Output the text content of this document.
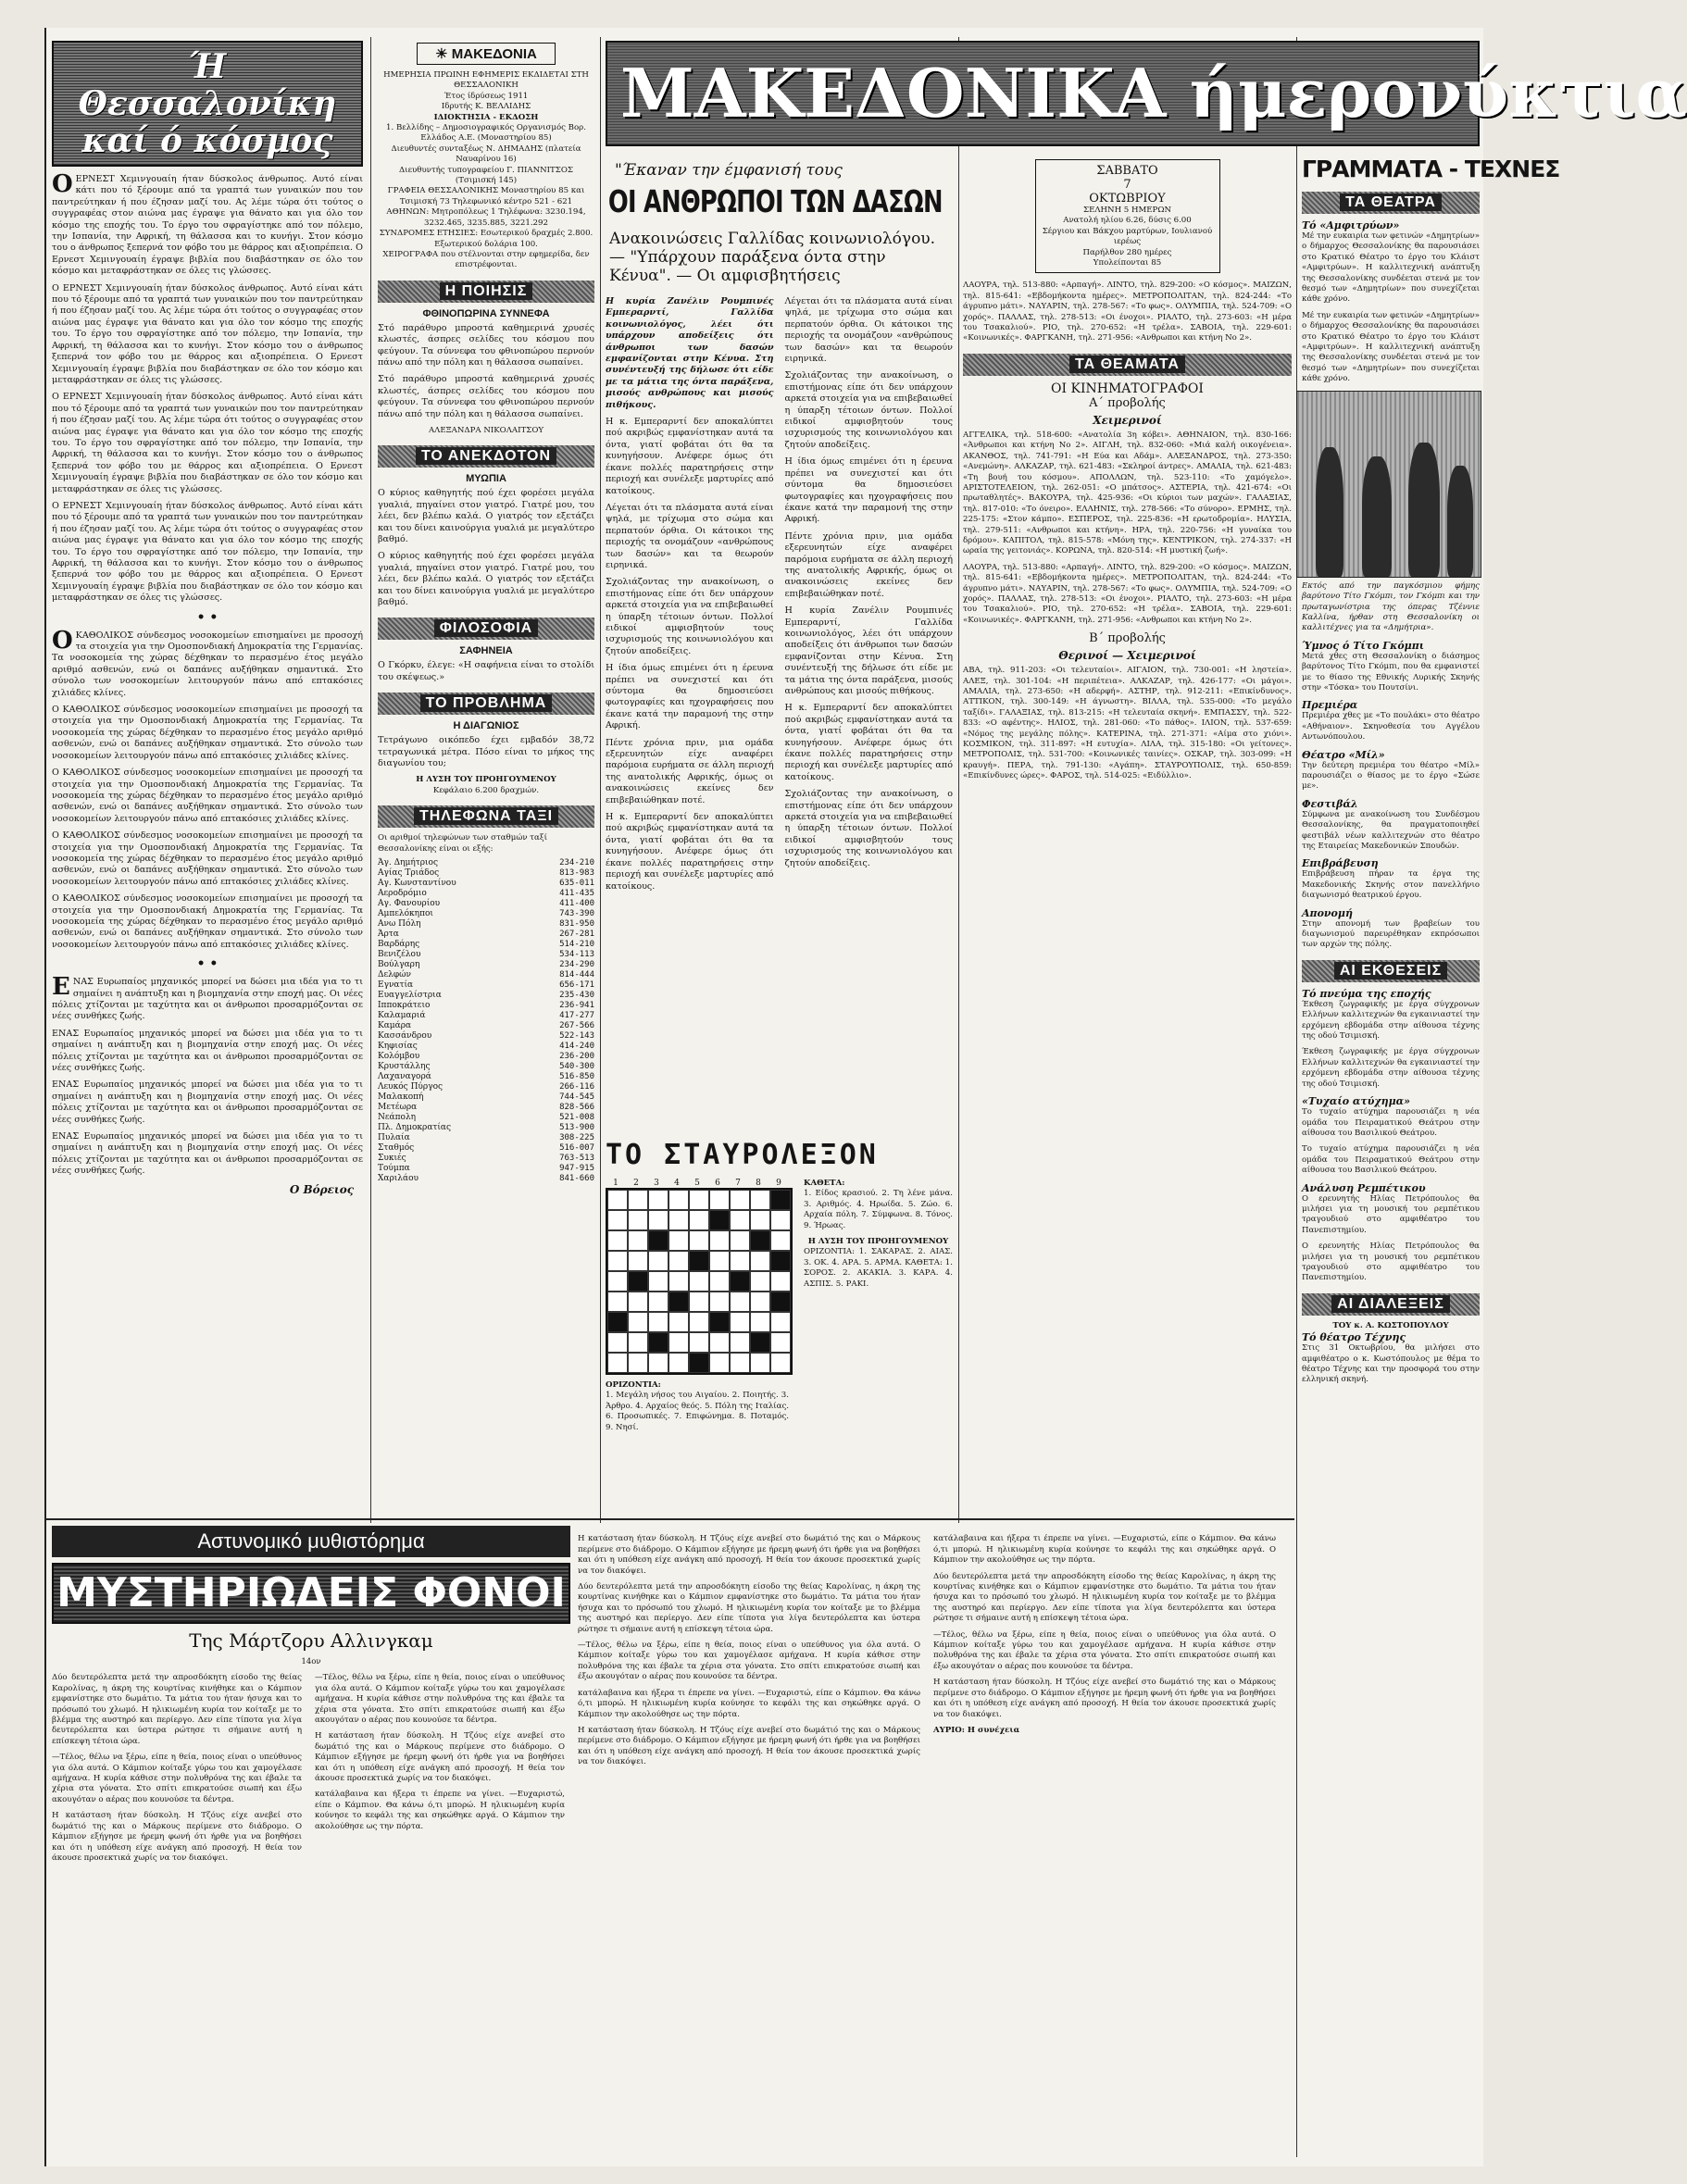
Ή Θεσσαλονίκη
καί ό κόσμος

ΟΕΡΝΕΣΤ Χεμινγουαίη ήταν δύσκολος άνθρωπος. Αυτό είναι κάτι που τό ξέρουμε από τα γραπτά των γυναικών που τον παντρεύτηκαν ή που έζησαν μαζί του. Ας λέμε τώρα ότι τούτος ο συγγραφέας στον αιώνα μας έγραψε για θάνατο και για όλο τον κόσμο της εποχής του. Το έργο του σφραγίστηκε από τον πόλεμο, την Ισπανία, την Αφρική, τη θάλασσα και το κυνήγι. Στον κόσμο του ο άνθρωπος ξεπερνά τον φόβο του με θάρρος και αξιοπρέπεια. Ο Ερνεστ Χεμινγουαίη έγραψε βιβλία που διαβάστηκαν σε όλο τον κόσμο και μεταφράστηκαν σε όλες τις γλώσσες.

Ο ΕΡΝΕΣΤ Χεμινγουαίη ήταν δύσκολος άνθρωπος. Αυτό είναι κάτι που τό ξέρουμε από τα γραπτά των γυναικών που τον παντρεύτηκαν ή που έζησαν μαζί του. Ας λέμε τώρα ότι τούτος ο συγγραφέας στον αιώνα μας έγραψε για θάνατο και για όλο τον κόσμο της εποχής του. Το έργο του σφραγίστηκε από τον πόλεμο, την Ισπανία, την Αφρική, τη θάλασσα και το κυνήγι. Στον κόσμο του ο άνθρωπος ξεπερνά τον φόβο του με θάρρος και αξιοπρέπεια. Ο Ερνεστ Χεμινγουαίη έγραψε βιβλία που διαβάστηκαν σε όλο τον κόσμο και μεταφράστηκαν σε όλες τις γλώσσες.

Ο ΕΡΝΕΣΤ Χεμινγουαίη ήταν δύσκολος άνθρωπος. Αυτό είναι κάτι που τό ξέρουμε από τα γραπτά των γυναικών που τον παντρεύτηκαν ή που έζησαν μαζί του. Ας λέμε τώρα ότι τούτος ο συγγραφέας στον αιώνα μας έγραψε για θάνατο και για όλο τον κόσμο της εποχής του. Το έργο του σφραγίστηκε από τον πόλεμο, την Ισπανία, την Αφρική, τη θάλασσα και το κυνήγι. Στον κόσμο του ο άνθρωπος ξεπερνά τον φόβο του με θάρρος και αξιοπρέπεια. Ο Ερνεστ Χεμινγουαίη έγραψε βιβλία που διαβάστηκαν σε όλο τον κόσμο και μεταφράστηκαν σε όλες τις γλώσσες.

Ο ΕΡΝΕΣΤ Χεμινγουαίη ήταν δύσκολος άνθρωπος. Αυτό είναι κάτι που τό ξέρουμε από τα γραπτά των γυναικών που τον παντρεύτηκαν ή που έζησαν μαζί του. Ας λέμε τώρα ότι τούτος ο συγγραφέας στον αιώνα μας έγραψε για θάνατο και για όλο τον κόσμο της εποχής του. Το έργο του σφραγίστηκε από τον πόλεμο, την Ισπανία, την Αφρική, τη θάλασσα και το κυνήγι. Στον κόσμο του ο άνθρωπος ξεπερνά τον φόβο του με θάρρος και αξιοπρέπεια. Ο Ερνεστ Χεμινγουαίη έγραψε βιβλία που διαβάστηκαν σε όλο τον κόσμο και μεταφράστηκαν σε όλες τις γλώσσες.

• •

ΟΚΑΘΟΛΙΚΟΣ σύνδεσμος νοσοκομείων επισημαίνει με προσοχή τα στοιχεία για την Ομοσπονδιακή Δημοκρατία της Γερμανίας. Τα νοσοκομεία της χώρας δέχθηκαν το περασμένο έτος μεγάλο αριθμό ασθενών, ενώ οι δαπάνες αυξήθηκαν σημαντικά. Στο σύνολο των νοσοκομείων λειτουργούν πάνω από επτακόσιες χιλιάδες κλίνες.

Ο ΚΑΘΟΛΙΚΟΣ σύνδεσμος νοσοκομείων επισημαίνει με προσοχή τα στοιχεία για την Ομοσπονδιακή Δημοκρατία της Γερμανίας. Τα νοσοκομεία της χώρας δέχθηκαν το περασμένο έτος μεγάλο αριθμό ασθενών, ενώ οι δαπάνες αυξήθηκαν σημαντικά. Στο σύνολο των νοσοκομείων λειτουργούν πάνω από επτακόσιες χιλιάδες κλίνες.

Ο ΚΑΘΟΛΙΚΟΣ σύνδεσμος νοσοκομείων επισημαίνει με προσοχή τα στοιχεία για την Ομοσπονδιακή Δημοκρατία της Γερμανίας. Τα νοσοκομεία της χώρας δέχθηκαν το περασμένο έτος μεγάλο αριθμό ασθενών, ενώ οι δαπάνες αυξήθηκαν σημαντικά. Στο σύνολο των νοσοκομείων λειτουργούν πάνω από επτακόσιες χιλιάδες κλίνες.

Ο ΚΑΘΟΛΙΚΟΣ σύνδεσμος νοσοκομείων επισημαίνει με προσοχή τα στοιχεία για την Ομοσπονδιακή Δημοκρατία της Γερμανίας. Τα νοσοκομεία της χώρας δέχθηκαν το περασμένο έτος μεγάλο αριθμό ασθενών, ενώ οι δαπάνες αυξήθηκαν σημαντικά. Στο σύνολο των νοσοκομείων λειτουργούν πάνω από επτακόσιες χιλιάδες κλίνες.

Ο ΚΑΘΟΛΙΚΟΣ σύνδεσμος νοσοκομείων επισημαίνει με προσοχή τα στοιχεία για την Ομοσπονδιακή Δημοκρατία της Γερμανίας. Τα νοσοκομεία της χώρας δέχθηκαν το περασμένο έτος μεγάλο αριθμό ασθενών, ενώ οι δαπάνες αυξήθηκαν σημαντικά. Στο σύνολο των νοσοκομείων λειτουργούν πάνω από επτακόσιες χιλιάδες κλίνες.

• •

ΕΝΑΣ Ευρωπαίος μηχανικός μπορεί να δώσει μια ιδέα για το τι σημαίνει η ανάπτυξη και η βιομηχανία στην εποχή μας. Οι νέες πόλεις χτίζονται με ταχύτητα και οι άνθρωποι προσαρμόζονται σε νέες συνθήκες ζωής.

ΕΝΑΣ Ευρωπαίος μηχανικός μπορεί να δώσει μια ιδέα για το τι σημαίνει η ανάπτυξη και η βιομηχανία στην εποχή μας. Οι νέες πόλεις χτίζονται με ταχύτητα και οι άνθρωποι προσαρμόζονται σε νέες συνθήκες ζωής.

ΕΝΑΣ Ευρωπαίος μηχανικός μπορεί να δώσει μια ιδέα για το τι σημαίνει η ανάπτυξη και η βιομηχανία στην εποχή μας. Οι νέες πόλεις χτίζονται με ταχύτητα και οι άνθρωποι προσαρμόζονται σε νέες συνθήκες ζωής.

ΕΝΑΣ Ευρωπαίος μηχανικός μπορεί να δώσει μια ιδέα για το τι σημαίνει η ανάπτυξη και η βιομηχανία στην εποχή μας. Οι νέες πόλεις χτίζονται με ταχύτητα και οι άνθρωποι προσαρμόζονται σε νέες συνθήκες ζωής.

Ο Βόρειος
☀ ΜΑΚΕΔΟΝΙΑ
ΗΜΕΡΗΣΙΑ ΠΡΩΙΝΗ ΕΦΗΜΕΡΙΣ ΕΚΔΙΔΕΤΑΙ ΣΤΗ ΘΕΣΣΑΛΟΝΙΚΗ
Έτος ίδρύσεως 1911
Ιδρυτής Κ. ΒΕΛΛΙΔΗΣ
ΙΔΙΟΚΤΗΣΙΑ - ΕΚΔΟΣΗ
1. Βελλίδης – Δημοσιογραφικός Οργανισμός Βορ. Ελλάδος Α.Ε. (Μοναστηρίου 85)
Διευθυντές συνταξέως Ν. ΔΗΜΑΔΗΣ (πλατεία Ναυαρίνου 16)
Διευθυντής τυπογραφείου Γ. ΠΙΑΝΝΙΤΣΟΣ (Τσιμισκή 145)
ΓΡΑΦΕΙΑ ΘΕΣΣΑΛΟΝΙΚΗΣ Μοναστηρίου 85 και Τσιμισκή 73 Τηλεφωνικό κέντρο 521 - 621
ΑΘΗΝΩΝ: Μητροπόλεως 1 Τηλέφωνα: 3230.194, 3232.465, 3235.885, 3221.292
ΣΥΝΔΡΟΜΕΣ ΕΤΗΣΙΕΣ: Εσωτερικού δραχμές 2.800. Εξωτερικού δολάρια 100.
ΧΕΙΡΟΓΡΑΦΑ που στέλνονται στην εφημερίδα, δεν επιστρέφονται.
Η ΠΟΙΗΣΙΣ
ΦΘΙΝΟΠΩΡΙΝΑ ΣΥΝΝΕΦΑ

Στό παράθυρο μπροστά καθημερινά χρυσές κλωστές, άσπρες σελίδες του κόσμου που φεύγουν. Τα σύννεφα του φθινοπώρου περνούν πάνω από την πόλη και η θάλασσα σωπαίνει.

Στό παράθυρο μπροστά καθημερινά χρυσές κλωστές, άσπρες σελίδες του κόσμου που φεύγουν. Τα σύννεφα του φθινοπώρου περνούν πάνω από την πόλη και η θάλασσα σωπαίνει.

ΑΛΕΞΑΝΔΡΑ ΝΙΚΟΛΑΙΤΣΟΥ
ΤΟ ΑΝΕΚΔΟΤΟΝ
ΜΥΩΠΙΑ

Ο κύριος καθηγητής πού έχει φορέσει μεγάλα γυαλιά, πηγαίνει στον γιατρό. Γιατρέ μου, του λέει, δεν βλέπω καλά. Ο γιατρός τον εξετάζει και του δίνει καινούργια γυαλιά με μεγαλύτερο βαθμό.

Ο κύριος καθηγητής πού έχει φορέσει μεγάλα γυαλιά, πηγαίνει στον γιατρό. Γιατρέ μου, του λέει, δεν βλέπω καλά. Ο γιατρός τον εξετάζει και του δίνει καινούργια γυαλιά με μεγαλύτερο βαθμό.

ΦΙΛΟΣΟΦΙΑ
ΣΑΦΗΝΕΙΑ

Ο Γκόρκυ, έλεγε: «Η σαφήνεια είναι το στολίδι του σκέψεως.»

ΤΟ ΠΡΟΒΛΗΜΑ
Η ΔΙΑΓΩΝΙΟΣ

Τετράγωνο οικόπεδο έχει εμβαδόν 38,72 τετραγωνικά μέτρα. Πόσο είναι το μήκος της διαγωνίου του;

Η ΛΥΣΗ ΤΟΥ ΠΡΟΗΓΟΥΜΕΝΟΥ
Κεφάλαιο 6.200 δραχμών.
ΤΗΛΕΦΩΝΑ ΤΑΞΙ
Οι αριθμοί τηλεφώνων των σταθμών ταξί Θεσσαλονίκης είναι οι εξής:
Άγ. Δημήτριος	234-210
Αγίας Τριάδος	813-983
Αγ. Κωνσταντίνου	635-011
Αεροδρόμιο	411-435
Αγ. Φανουρίου	411-400
Αμπελόκηποι	743-390
Ανω Πόλη	831-950
Άρτα	267-281
Βαρδάρης	514-210
Βενιζέλου	534-113
Βούλγαρη	234-290
Δελφών	814-444
Εγνατία	656-171
Ευαγγελίστρια	235-430
Ιπποκράτειο	236-941
Καλαμαριά	417-277
Καμάρα	267-566
Κασσάνδρου	522-143
Κηφισίας	414-240
Κολόμβου	236-200
Κρυστάλλης	540-300
Λαχαναγορά	516-850
Λευκός Πύργος	266-116
Μαλακοπή	744-545
Μετέωρα	828-566
Νεάπολη	521-008
Πλ. Δημοκρατίας	513-900
Πυλαία	308-225
Σταθμός	516-007
Συκιές	763-513
Τούμπα	947-915
Χαριλάου	841-660
ΜΑΚΕΔΟΝΙΚΑ ήμερονύκτια
"Έκαναν την έμφανισή τους
ΟΙ ΑΝΘΡΩΠΟΙ ΤΩΝ ΔΑΣΩΝ
Ανακοινώσεις Γαλλίδας κοινωνιολόγου. — "Υπάρχουν παράξενα όντα στην Κένυα". — Οι αμφισβητήσεις

Η κυρία Ζανέλιν Ρουμπινές Εμπεραρντί, Γαλλίδα κοινωνιολόγος, λέει ότι υπάρχουν αποδείξεις ότι άνθρωποι των δασών εμφανίζονται στην Κένυα. Στη συνέντευξή της δήλωσε ότι είδε με τα μάτια της όντα παράξενα, μισούς ανθρώπους και μισούς πιθήκους.

Η κ. Εμπεραρντί δεν αποκαλύπτει πού ακριβώς εμφανίστηκαν αυτά τα όντα, γιατί φοβάται ότι θα τα κυνηγήσουν. Ανέφερε όμως ότι έκανε πολλές παρατηρήσεις στην περιοχή και συνέλεξε μαρτυρίες από κατοίκους.

Λέγεται ότι τα πλάσματα αυτά είναι ψηλά, με τρίχωμα στο σώμα και περπατούν όρθια. Οι κάτοικοι της περιοχής τα ονομάζουν «ανθρώπους των δασών» και τα θεωρούν ειρηνικά.

Σχολιάζοντας την ανακοίνωση, ο επιστήμονας είπε ότι δεν υπάρχουν αρκετά στοιχεία για να επιβεβαιωθεί η ύπαρξη τέτοιων όντων. Πολλοί ειδικοί αμφισβητούν τους ισχυρισμούς της κοινωνιολόγου και ζητούν αποδείξεις.

Η ίδια όμως επιμένει ότι η έρευνα πρέπει να συνεχιστεί και ότι σύντομα θα δημοσιεύσει φωτογραφίες και ηχογραφήσεις που έκανε κατά την παραμονή της στην Αφρική.

Πέντε χρόνια πριν, μια ομάδα εξερευνητών είχε αναφέρει παρόμοια ευρήματα σε άλλη περιοχή της ανατολικής Αφρικής, όμως οι ανακοινώσεις εκείνες δεν επιβεβαιώθηκαν ποτέ.

Η κ. Εμπεραρντί δεν αποκαλύπτει πού ακριβώς εμφανίστηκαν αυτά τα όντα, γιατί φοβάται ότι θα τα κυνηγήσουν. Ανέφερε όμως ότι έκανε πολλές παρατηρήσεις στην περιοχή και συνέλεξε μαρτυρίες από κατοίκους.

Λέγεται ότι τα πλάσματα αυτά είναι ψηλά, με τρίχωμα στο σώμα και περπατούν όρθια. Οι κάτοικοι της περιοχής τα ονομάζουν «ανθρώπους των δασών» και τα θεωρούν ειρηνικά.

Σχολιάζοντας την ανακοίνωση, ο επιστήμονας είπε ότι δεν υπάρχουν αρκετά στοιχεία για να επιβεβαιωθεί η ύπαρξη τέτοιων όντων. Πολλοί ειδικοί αμφισβητούν τους ισχυρισμούς της κοινωνιολόγου και ζητούν αποδείξεις.

Η ίδια όμως επιμένει ότι η έρευνα πρέπει να συνεχιστεί και ότι σύντομα θα δημοσιεύσει φωτογραφίες και ηχογραφήσεις που έκανε κατά την παραμονή της στην Αφρική.

Πέντε χρόνια πριν, μια ομάδα εξερευνητών είχε αναφέρει παρόμοια ευρήματα σε άλλη περιοχή της ανατολικής Αφρικής, όμως οι ανακοινώσεις εκείνες δεν επιβεβαιώθηκαν ποτέ.

Η κυρία Ζανέλιν Ρουμπινές Εμπεραρντί, Γαλλίδα κοινωνιολόγος, λέει ότι υπάρχουν αποδείξεις ότι άνθρωποι των δασών εμφανίζονται στην Κένυα. Στη συνέντευξή της δήλωσε ότι είδε με τα μάτια της όντα παράξενα, μισούς ανθρώπους και μισούς πιθήκους.

Η κ. Εμπεραρντί δεν αποκαλύπτει πού ακριβώς εμφανίστηκαν αυτά τα όντα, γιατί φοβάται ότι θα τα κυνηγήσουν. Ανέφερε όμως ότι έκανε πολλές παρατηρήσεις στην περιοχή και συνέλεξε μαρτυρίες από κατοίκους.

Σχολιάζοντας την ανακοίνωση, ο επιστήμονας είπε ότι δεν υπάρχουν αρκετά στοιχεία για να επιβεβαιωθεί η ύπαρξη τέτοιων όντων. Πολλοί ειδικοί αμφισβητούν τους ισχυρισμούς της κοινωνιολόγου και ζητούν αποδείξεις.

ΣΑΒΒΑΤΟ
7
ΟΚΤΩΒΡΙΟΥ
ΣΕΛΗΝΗ 5 ΗΜΕΡΩΝ
Ανατολή ηλίου 6.26, δύσις 6.00
Σέργιου και Βάκχου μαρτύρων, Ιουλιανού ιερέως
Παρήλθον 280 ημέρες
Υπολείπονται 85

ΛΑΟΥΡΑ, τηλ. 513-880: «Αρπαγή». ΛΙΝΤΟ, τηλ. 829-200: «Ο κόσμος». ΜΑΙΖΩΝ, τηλ. 815-641: «Εβδομήκοντα ημέρες». ΜΕΤΡΟΠΟΛΙΤΑΝ, τηλ. 824-244: «Το άγρυπνο μάτι». ΝΑΥΑΡΙΝ, τηλ. 278-567: «Το φως». ΟΛΥΜΠΙΑ, τηλ. 524-709: «Ο χορός». ΠΑΛΛΑΣ, τηλ. 278-513: «Οι ένοχοι». ΡΙΑΛΤΟ, τηλ. 273-603: «Η μέρα του Τσακαλιού». ΡΙΟ, τηλ. 270-652: «Η τρέλα». ΣΑΒΟΙΑ, τηλ. 229-601: «Κοινωνικές». ΦΑΡΓΚΑΝΗ, τηλ. 271-956: «Ανθρωποι και κτήνη Νο 2».

ΤΑ ΘΕΑΜΑΤΑ
ΟΙ ΚΙΝΗΜΑΤΟΓΡΑΦΟΙ
Α΄ προβολής
Χειμερινοί

ΑΓΓΕΛΙΚΑ, τηλ. 518-600: «Ανατολία 3η κόβει». ΑΘΗΝΑΙΟΝ, τηλ. 830-166: «Άνθρωποι και κτήνη Νο 2». ΑΙΓΛΗ, τηλ. 832-060: «Μιά καλή οικογένεια». ΑΚΑΝΘΟΣ, τηλ. 741-791: «Η Εύα και Αδάμ». ΑΛΕΞΑΝΔΡΟΣ, τηλ. 273-350: «Ανεμώνη». ΑΛΚΑΖΑΡ, τηλ. 621-483: «Σκληροί άντρες». ΑΜΑΛΙΑ, τηλ. 621-483: «Τη βουή του κόσμου». ΑΠΟΛΛΩΝ, τηλ. 523-110: «Το χαμόγελο». ΑΡΙΣΤΟΤΕΛΕΙΟΝ, τηλ. 262-051: «Ο μπάτσος». ΑΣΤΕΡΙΑ, τηλ. 421-674: «Οι πρωταθλητές». ΒΑΚΟΥΡΑ, τηλ. 425-936: «Οι κύριοι των μαχών». ΓΑΛΑΞΙΑΣ, τηλ. 817-010: «Το όνειρο». ΕΛΛΗΝΙΣ, τηλ. 278-566: «Το σύνορο». ΕΡΜΗΣ, τηλ. 225-175: «Στον κάμπο». ΕΣΠΕΡΟΣ, τηλ. 225-836: «Η ερωτοδρομία». ΗΛΥΣΙΑ, τηλ. 279-511: «Ανθρωποι και κτήνη». ΗΡΑ, τηλ. 220-756: «Η γυναίκα του δρόμου». ΚΑΠΙΤΟΛ, τηλ. 815-578: «Μόνη της». ΚΕΝΤΡΙΚΟΝ, τηλ. 274-337: «Η ωραία της γειτονιάς». ΚΟΡΩΝΑ, τηλ. 820-514: «Η μυστική ζωή».

ΛΑΟΥΡΑ, τηλ. 513-880: «Αρπαγή». ΛΙΝΤΟ, τηλ. 829-200: «Ο κόσμος». ΜΑΙΖΩΝ, τηλ. 815-641: «Εβδομήκοντα ημέρες». ΜΕΤΡΟΠΟΛΙΤΑΝ, τηλ. 824-244: «Το άγρυπνο μάτι». ΝΑΥΑΡΙΝ, τηλ. 278-567: «Το φως». ΟΛΥΜΠΙΑ, τηλ. 524-709: «Ο χορός». ΠΑΛΛΑΣ, τηλ. 278-513: «Οι ένοχοι». ΡΙΑΛΤΟ, τηλ. 273-603: «Η μέρα του Τσακαλιού». ΡΙΟ, τηλ. 270-652: «Η τρέλα». ΣΑΒΟΙΑ, τηλ. 229-601: «Κοινωνικές». ΦΑΡΓΚΑΝΗ, τηλ. 271-956: «Ανθρωποι και κτήνη Νο 2».

Β΄ προβολής
Θερινοί — Χειμερινοί

ΑΒΑ, τηλ. 911-203: «Οι τελευταίοι». ΑΙΓΑΙΟΝ, τηλ. 730-001: «Η ληστεία». ΑΛΕΞ, τηλ. 301-104: «Η περιπέτεια». ΑΛΚΑΖΑΡ, τηλ. 426-177: «Οι μάγοι». ΑΜΑΛΙΑ, τηλ. 273-650: «Η αδερφή». ΑΣΤΗΡ, τηλ. 912-211: «Επικίνδυνος». ΑΤΤΙΚΟΝ, τηλ. 300-149: «Η άγνωστη». ΒΙΛΛΑ, τηλ. 535-000: «Το μεγάλο ταξίδι». ΓΑΛΑΞΙΑΣ, τηλ. 813-215: «Η τελευταία σκηνή». ΕΜΠΑΣΣΥ, τηλ. 522-833: «Ο αφέντης». ΗΛΙΟΣ, τηλ. 281-060: «Το πάθος». ΙΛΙΟΝ, τηλ. 537-659: «Νόμος της μεγάλης πόλης». ΚΑΤΕΡΙΝΑ, τηλ. 271-371: «Αίμα στο χιόνι». ΚΟΣΜΙΚΟΝ, τηλ. 311-897: «Η ευτυχία». ΛΙΛΑ, τηλ. 315-180: «Οι γείτονες». ΜΕΤΡΟΠΟΛΙΣ, τηλ. 531-700: «Κοινωνικές ταινίες». ΟΣΚΑΡ, τηλ. 303-099: «Η κραυγή». ΠΕΡΑ, τηλ. 791-130: «Αγάπη». ΣΤΑΥΡΟΥΠΟΛΙΣ, τηλ. 650-859: «Επικίνδυνες ώρες». ΦΑΡΟΣ, τηλ. 514-025: «Ειδύλλιο».

ΤΟ ΣΤΑΥΡΟΛΕΞΟΝ
1	2	3	4	5	6	7	8	9
ΟΡΙΖΟΝΤΙΑ:

1. Μεγάλη νήσος του Αιγαίου. 2. Ποιητής. 3. Άρθρο. 4. Αρχαίος θεός. 5. Πόλη της Ιταλίας. 6. Προσωπικές. 7. Επιφώνημα. 8. Ποταμός. 9. Νησί.

ΚΑΘΕΤΑ:

1. Είδος κρασιού. 2. Τη λένε μάνα. 3. Αριθμός. 4. Ηρωίδα. 5. Ζώο. 6. Αρχαία πόλη. 7. Σύμφωνα. 8. Τόνος. 9. Ήρωας.

Η ΛΥΣΗ ΤΟΥ ΠΡΟΗΓΟΥΜΕΝΟΥ

ΟΡΙΖΟΝΤΙΑ: 1. ΣΑΚΑΡΑΣ. 2. ΑΙΑΣ. 3. ΟΚ. 4. ΑΡΑ. 5. ΑΡΜΑ. ΚΑΘΕΤΑ: 1. ΣΟΡΟΣ. 2. ΑΚΑΚΙΑ. 3. ΚΑΡΑ. 4. ΑΣΠΙΣ. 5. ΡΑΚΙ.

Αστυνομικό μυθιστόρημα
ΜΥΣΤΗΡΙΩΔΕΙΣ ΦΟΝΟΙ
Της Μάρτζορυ Αλλινγκαμ
14ον

Δύο δευτερόλεπτα μετά την απροσδόκητη είσοδο της θείας Καρολίνας, η άκρη της κουρτίνας κινήθηκε και ο Κάμπιον εμφανίστηκε στο δωμάτιο. Τα μάτια του ήταν ήσυχα και το πρόσωπό του χλωμό. Η ηλικιωμένη κυρία τον κοίταξε με το βλέμμα της αυστηρό και περίεργο. Δεν είπε τίποτα για λίγα δευτερόλεπτα και ύστερα ρώτησε τι σήμαινε αυτή η επίσκεψη τέτοια ώρα.

—Τέλος, θέλω να ξέρω, είπε η θεία, ποιος είναι ο υπεύθυνος για όλα αυτά. Ο Κάμπιον κοίταξε γύρω του και χαμογέλασε αμήχανα. Η κυρία κάθισε στην πολυθρόνα της και έβαλε τα χέρια στα γόνατα. Στο σπίτι επικρατούσε σιωπή και έξω ακουγόταν ο αέρας που κουνούσε τα δέντρα.

Η κατάσταση ήταν δύσκολη. Η Τζόυς είχε ανεβεί στο δωμάτιό της και ο Μάρκους περίμενε στο διάδρομο. Ο Κάμπιον εξήγησε με ήρεμη φωνή ότι ήρθε για να βοηθήσει και ότι η υπόθεση είχε ανάγκη από προσοχή. Η θεία τον άκουσε προσεκτικά χωρίς να τον διακόψει.

—Τέλος, θέλω να ξέρω, είπε η θεία, ποιος είναι ο υπεύθυνος για όλα αυτά. Ο Κάμπιον κοίταξε γύρω του και χαμογέλασε αμήχανα. Η κυρία κάθισε στην πολυθρόνα της και έβαλε τα χέρια στα γόνατα. Στο σπίτι επικρατούσε σιωπή και έξω ακουγόταν ο αέρας που κουνούσε τα δέντρα.

Η κατάσταση ήταν δύσκολη. Η Τζόυς είχε ανεβεί στο δωμάτιό της και ο Μάρκους περίμενε στο διάδρομο. Ο Κάμπιον εξήγησε με ήρεμη φωνή ότι ήρθε για να βοηθήσει και ότι η υπόθεση είχε ανάγκη από προσοχή. Η θεία τον άκουσε προσεκτικά χωρίς να τον διακόψει.

κατάλαβαινα και ήξερα τι έπρεπε να γίνει. —Ευχαριστώ, είπε ο Κάμπιον. Θα κάνω ό,τι μπορώ. Η ηλικιωμένη κυρία κούνησε το κεφάλι της και σηκώθηκε αργά. Ο Κάμπιον την ακολούθησε ως την πόρτα.

Η κατάσταση ήταν δύσκολη. Η Τζόυς είχε ανεβεί στο δωμάτιό της και ο Μάρκους περίμενε στο διάδρομο. Ο Κάμπιον εξήγησε με ήρεμη φωνή ότι ήρθε για να βοηθήσει και ότι η υπόθεση είχε ανάγκη από προσοχή. Η θεία τον άκουσε προσεκτικά χωρίς να τον διακόψει.

Δύο δευτερόλεπτα μετά την απροσδόκητη είσοδο της θείας Καρολίνας, η άκρη της κουρτίνας κινήθηκε και ο Κάμπιον εμφανίστηκε στο δωμάτιο. Τα μάτια του ήταν ήσυχα και το πρόσωπό του χλωμό. Η ηλικιωμένη κυρία τον κοίταξε με το βλέμμα της αυστηρό και περίεργο. Δεν είπε τίποτα για λίγα δευτερόλεπτα και ύστερα ρώτησε τι σήμαινε αυτή η επίσκεψη τέτοια ώρα.

—Τέλος, θέλω να ξέρω, είπε η θεία, ποιος είναι ο υπεύθυνος για όλα αυτά. Ο Κάμπιον κοίταξε γύρω του και χαμογέλασε αμήχανα. Η κυρία κάθισε στην πολυθρόνα της και έβαλε τα χέρια στα γόνατα. Στο σπίτι επικρατούσε σιωπή και έξω ακουγόταν ο αέρας που κουνούσε τα δέντρα.

κατάλαβαινα και ήξερα τι έπρεπε να γίνει. —Ευχαριστώ, είπε ο Κάμπιον. Θα κάνω ό,τι μπορώ. Η ηλικιωμένη κυρία κούνησε το κεφάλι της και σηκώθηκε αργά. Ο Κάμπιον την ακολούθησε ως την πόρτα.

Η κατάσταση ήταν δύσκολη. Η Τζόυς είχε ανεβεί στο δωμάτιό της και ο Μάρκους περίμενε στο διάδρομο. Ο Κάμπιον εξήγησε με ήρεμη φωνή ότι ήρθε για να βοηθήσει και ότι η υπόθεση είχε ανάγκη από προσοχή. Η θεία τον άκουσε προσεκτικά χωρίς να τον διακόψει.

κατάλαβαινα και ήξερα τι έπρεπε να γίνει. —Ευχαριστώ, είπε ο Κάμπιον. Θα κάνω ό,τι μπορώ. Η ηλικιωμένη κυρία κούνησε το κεφάλι της και σηκώθηκε αργά. Ο Κάμπιον την ακολούθησε ως την πόρτα.

Δύο δευτερόλεπτα μετά την απροσδόκητη είσοδο της θείας Καρολίνας, η άκρη της κουρτίνας κινήθηκε και ο Κάμπιον εμφανίστηκε στο δωμάτιο. Τα μάτια του ήταν ήσυχα και το πρόσωπό του χλωμό. Η ηλικιωμένη κυρία τον κοίταξε με το βλέμμα της αυστηρό και περίεργο. Δεν είπε τίποτα για λίγα δευτερόλεπτα και ύστερα ρώτησε τι σήμαινε αυτή η επίσκεψη τέτοια ώρα.

—Τέλος, θέλω να ξέρω, είπε η θεία, ποιος είναι ο υπεύθυνος για όλα αυτά. Ο Κάμπιον κοίταξε γύρω του και χαμογέλασε αμήχανα. Η κυρία κάθισε στην πολυθρόνα της και έβαλε τα χέρια στα γόνατα. Στο σπίτι επικρατούσε σιωπή και έξω ακουγόταν ο αέρας που κουνούσε τα δέντρα.

Η κατάσταση ήταν δύσκολη. Η Τζόυς είχε ανεβεί στο δωμάτιό της και ο Μάρκους περίμενε στο διάδρομο. Ο Κάμπιον εξήγησε με ήρεμη φωνή ότι ήρθε για να βοηθήσει και ότι η υπόθεση είχε ανάγκη από προσοχή. Η θεία τον άκουσε προσεκτικά χωρίς να τον διακόψει.

ΑΥΡΙΟ: Η συνέχεια
ΓΡΑΜΜΑΤΑ - ΤΕΧΝΕΣ
ΤΑ ΘΕΑΤΡΑ
Τό «Αμφιτρύων»

Μέ την ευκαιρία των φετινών «Δημητρίων» ο δήμαρχος Θεσσαλονίκης θα παρουσιάσει στο Κρατικό Θέατρο το έργο του Κλάιστ «Αμφιτρύων». Η καλλιτεχνική ανάπτυξη της Θεσσαλονίκης συνδέεται στενά με τον θεσμό των «Δημητρίων» που συνεχίζεται κάθε χρόνο.

Μέ την ευκαιρία των φετινών «Δημητρίων» ο δήμαρχος Θεσσαλονίκης θα παρουσιάσει στο Κρατικό Θέατρο το έργο του Κλάιστ «Αμφιτρύων». Η καλλιτεχνική ανάπτυξη της Θεσσαλονίκης συνδέεται στενά με τον θεσμό των «Δημητρίων» που συνεχίζεται κάθε χρόνο.

Εκτός από την παγκόσμιου φήμης βαρύτονο Τίτο Γκόμπι, τον Γκόμπι και την πρωταγωνίστρια της όπερας Τζέννιε Καλλίνα, ήρθαν στη Θεσσαλονίκη οι καλλιτέχνες για τα «Δημήτρια».

Ύμνος ό Τίτο Γκόμπι

Μετά χθες στη Θεσσαλονίκη ο διάσημος βαρύτονος Τίτο Γκόμπι, που θα εμφανιστεί με το θίασο της Εθνικής Λυρικής Σκηνής στην «Τόσκα» του Πουτσίνι.

Πρεμιέρα

Πρεμιέρα χθες με «Το πουλάκι» στο θέατρο «Αθήναιον». Σκηνοθεσία του Αγγέλου Αντωνόπουλου.

Θέατρο «Μίλ»

Την δεύτερη πρεμιέρα του θέατρο «Μίλ» παρουσιάζει ο θίασος με το έργο «Σώσε με».

Φεστιβάλ

Σύμφωνα με ανακοίνωση του Συνδέσμου Θεσσαλονίκης, θα πραγματοποιηθεί φεστιβάλ νέων καλλιτεχνών στο θέατρο της Εταιρείας Μακεδονικών Σπουδών.

Επιβράβευση

Επιβράβευση πήραν τα έργα της Μακεδονικής Σκηνής στον πανελλήνιο διαγωνισμό θεατρικού έργου.

Απονομή

Στην απονομή των βραβείων του διαγωνισμού παρευρέθηκαν εκπρόσωποι των αρχών της πόλης.

ΑΙ ΕΚΘΕΣΕΙΣ
Τό πνεύμα της εποχής

Έκθεση ζωγραφικής με έργα σύγχρονων Ελλήνων καλλιτεχνών θα εγκαινιαστεί την ερχόμενη εβδομάδα στην αίθουσα τέχνης της οδού Τσιμισκή.

Έκθεση ζωγραφικής με έργα σύγχρονων Ελλήνων καλλιτεχνών θα εγκαινιαστεί την ερχόμενη εβδομάδα στην αίθουσα τέχνης της οδού Τσιμισκή.

«Τυχαίο ατύχημα»

Το τυχαίο ατύχημα παρουσιάζει η νέα ομάδα του Πειραματικού Θεάτρου στην αίθουσα του Βασιλικού Θεάτρου.

Το τυχαίο ατύχημα παρουσιάζει η νέα ομάδα του Πειραματικού Θεάτρου στην αίθουσα του Βασιλικού Θεάτρου.

Ανάλυση Ρεμπέτικου

Ο ερευνητής Ηλίας Πετρόπουλος θα μιλήσει για τη μουσική του ρεμπέτικου τραγουδιού στο αμφιθέατρο του Πανεπιστημίου.

Ο ερευνητής Ηλίας Πετρόπουλος θα μιλήσει για τη μουσική του ρεμπέτικου τραγουδιού στο αμφιθέατρο του Πανεπιστημίου.

ΑΙ ΔΙΑΛΕΞΕΙΣ
ΤΟΥ κ. Α. ΚΩΣΤΟΠΟΥΛΟΥ
Τό θέατρο Τέχνης

Στις 31 Οκτωβρίου, θα μιλήσει στο αμφιθέατρο ο κ. Κωστόπουλος με θέμα το θέατρο Τέχνης και την προσφορά του στην ελληνική σκηνή.
